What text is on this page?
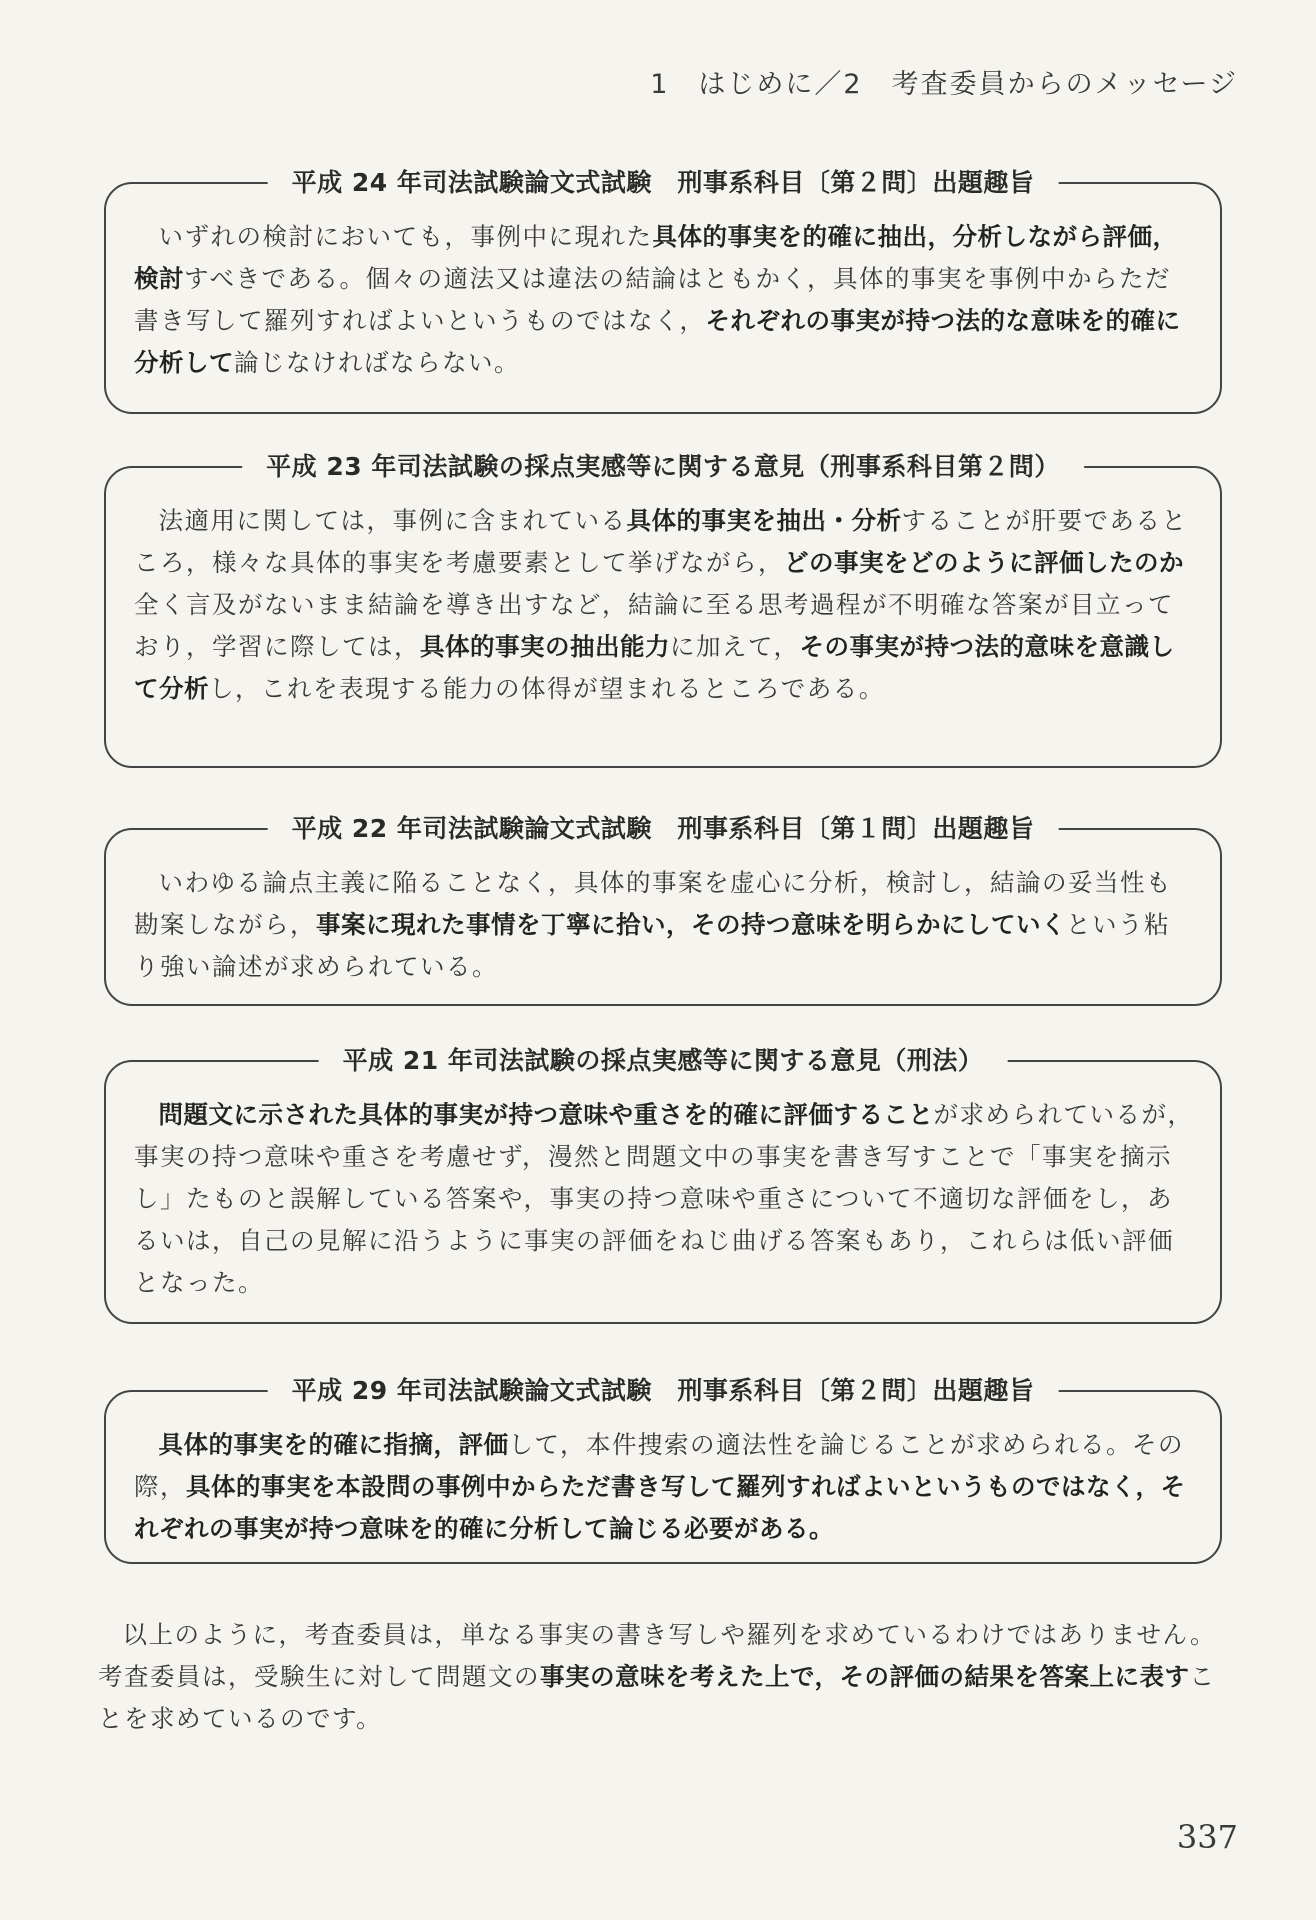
1　はじめに／2　考査委員からのメッセージ
平成 24 年司法試験論文式試験　刑事系科目〔第２問〕出題趣旨
いずれの検討においても，事例中に現れた具体的事実を的確に抽出，分析しながら評価，検討すべきである。個々の適法又は違法の結論はともかく，具体的事実を事例中からただ書き写して羅列すればよいというものではなく，それぞれの事実が持つ法的な意味を的確に分析して論じなければならない。
平成 23 年司法試験の採点実感等に関する意見（刑事系科目第２問）
法適用に関しては，事例に含まれている具体的事実を抽出・分析することが肝要であるところ，様々な具体的事実を考慮要素として挙げながら，どの事実をどのように評価したのか全く言及がないまま結論を導き出すなど，結論に至る思考過程が不明確な答案が目立っており，学習に際しては，具体的事実の抽出能力に加えて，その事実が持つ法的意味を意識して分析し，これを表現する能力の体得が望まれるところである。
平成 22 年司法試験論文式試験　刑事系科目〔第１問〕出題趣旨
いわゆる論点主義に陥ることなく，具体的事案を虚心に分析，検討し，結論の妥当性も勘案しながら，事案に現れた事情を丁寧に拾い，その持つ意味を明らかにしていくという粘り強い論述が求められている。
平成 21 年司法試験の採点実感等に関する意見（刑法）
問題文に示された具体的事実が持つ意味や重さを的確に評価することが求められているが，事実の持つ意味や重さを考慮せず，漫然と問題文中の事実を書き写すことで「事実を摘示し」たものと誤解している答案や，事実の持つ意味や重さについて不適切な評価をし，あるいは，自己の見解に沿うように事実の評価をねじ曲げる答案もあり，これらは低い評価となった。
平成 29 年司法試験論文式試験　刑事系科目〔第２問〕出題趣旨
具体的事実を的確に指摘，評価して，本件捜索の適法性を論じることが求められる。その際，具体的事実を本設問の事例中からただ書き写して羅列すればよいというものではなく，それぞれの事実が持つ意味を的確に分析して論じる必要がある。
以上のように，考査委員は，単なる事実の書き写しや羅列を求めているわけではありません。考査委員は，受験生に対して問題文の事実の意味を考えた上で，その評価の結果を答案上に表すことを求めているのです。
337
